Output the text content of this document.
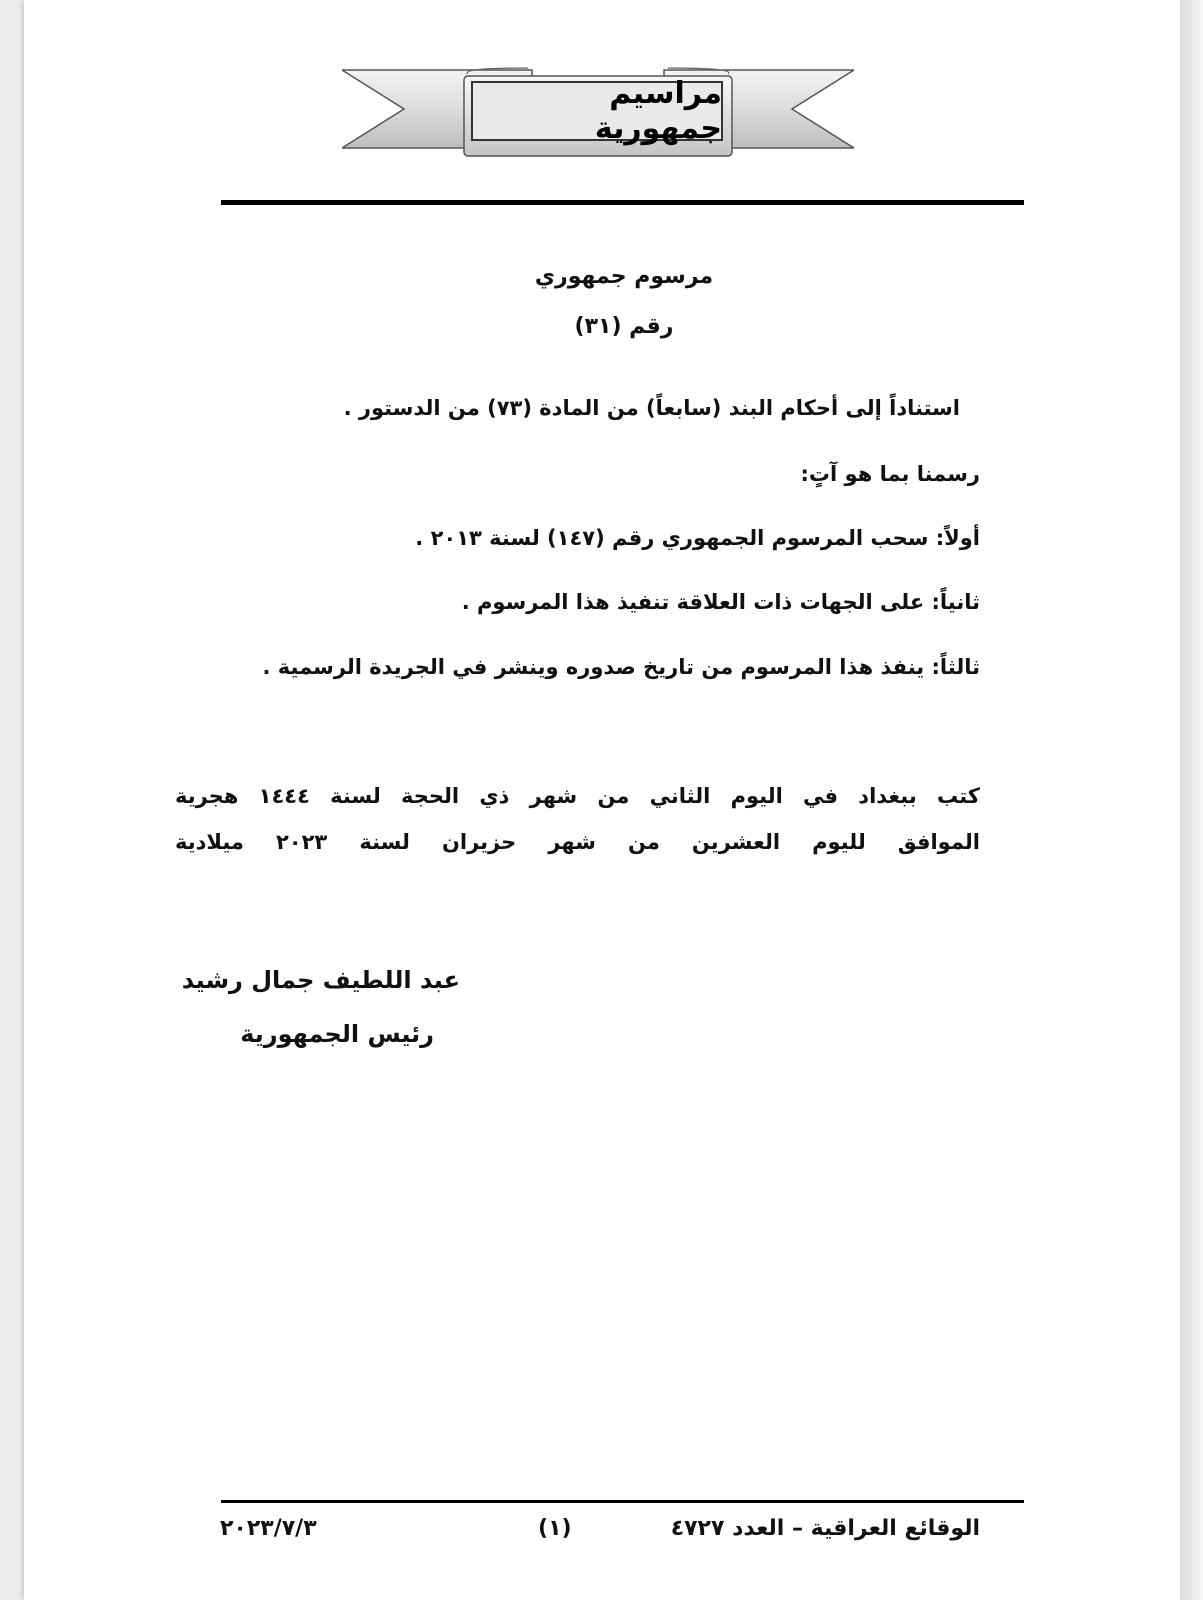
مراسيم جمهورية
مرسوم جمهوري
رقم (٣١)
استناداً إلى أحكام البند (سابعاً) من المادة (٧٣) من الدستور .
رسمنا بما هو آتٍ:
أولاً: سحب المرسوم الجمهوري رقم (١٤٧) لسنة ٢٠١٣ .
ثانياً: على الجهات ذات العلاقة تنفيذ هذا المرسوم .
ثالثاً: ينفذ هذا المرسوم من تاريخ صدوره وينشر في الجريدة الرسمية .
كتب ببغداد في اليوم الثاني من شهر ذي الحجة لسنة ١٤٤٤ هجرية
الموافق لليوم العشرين من شهر حزيران لسنة ٢٠٢٣ ميلادية
عبد اللطيف جمال رشيد
رئيس الجمهورية
الوقائع العراقية – العدد ٤٧٢٧
(١)
٢٠٢٣/٧/٣
